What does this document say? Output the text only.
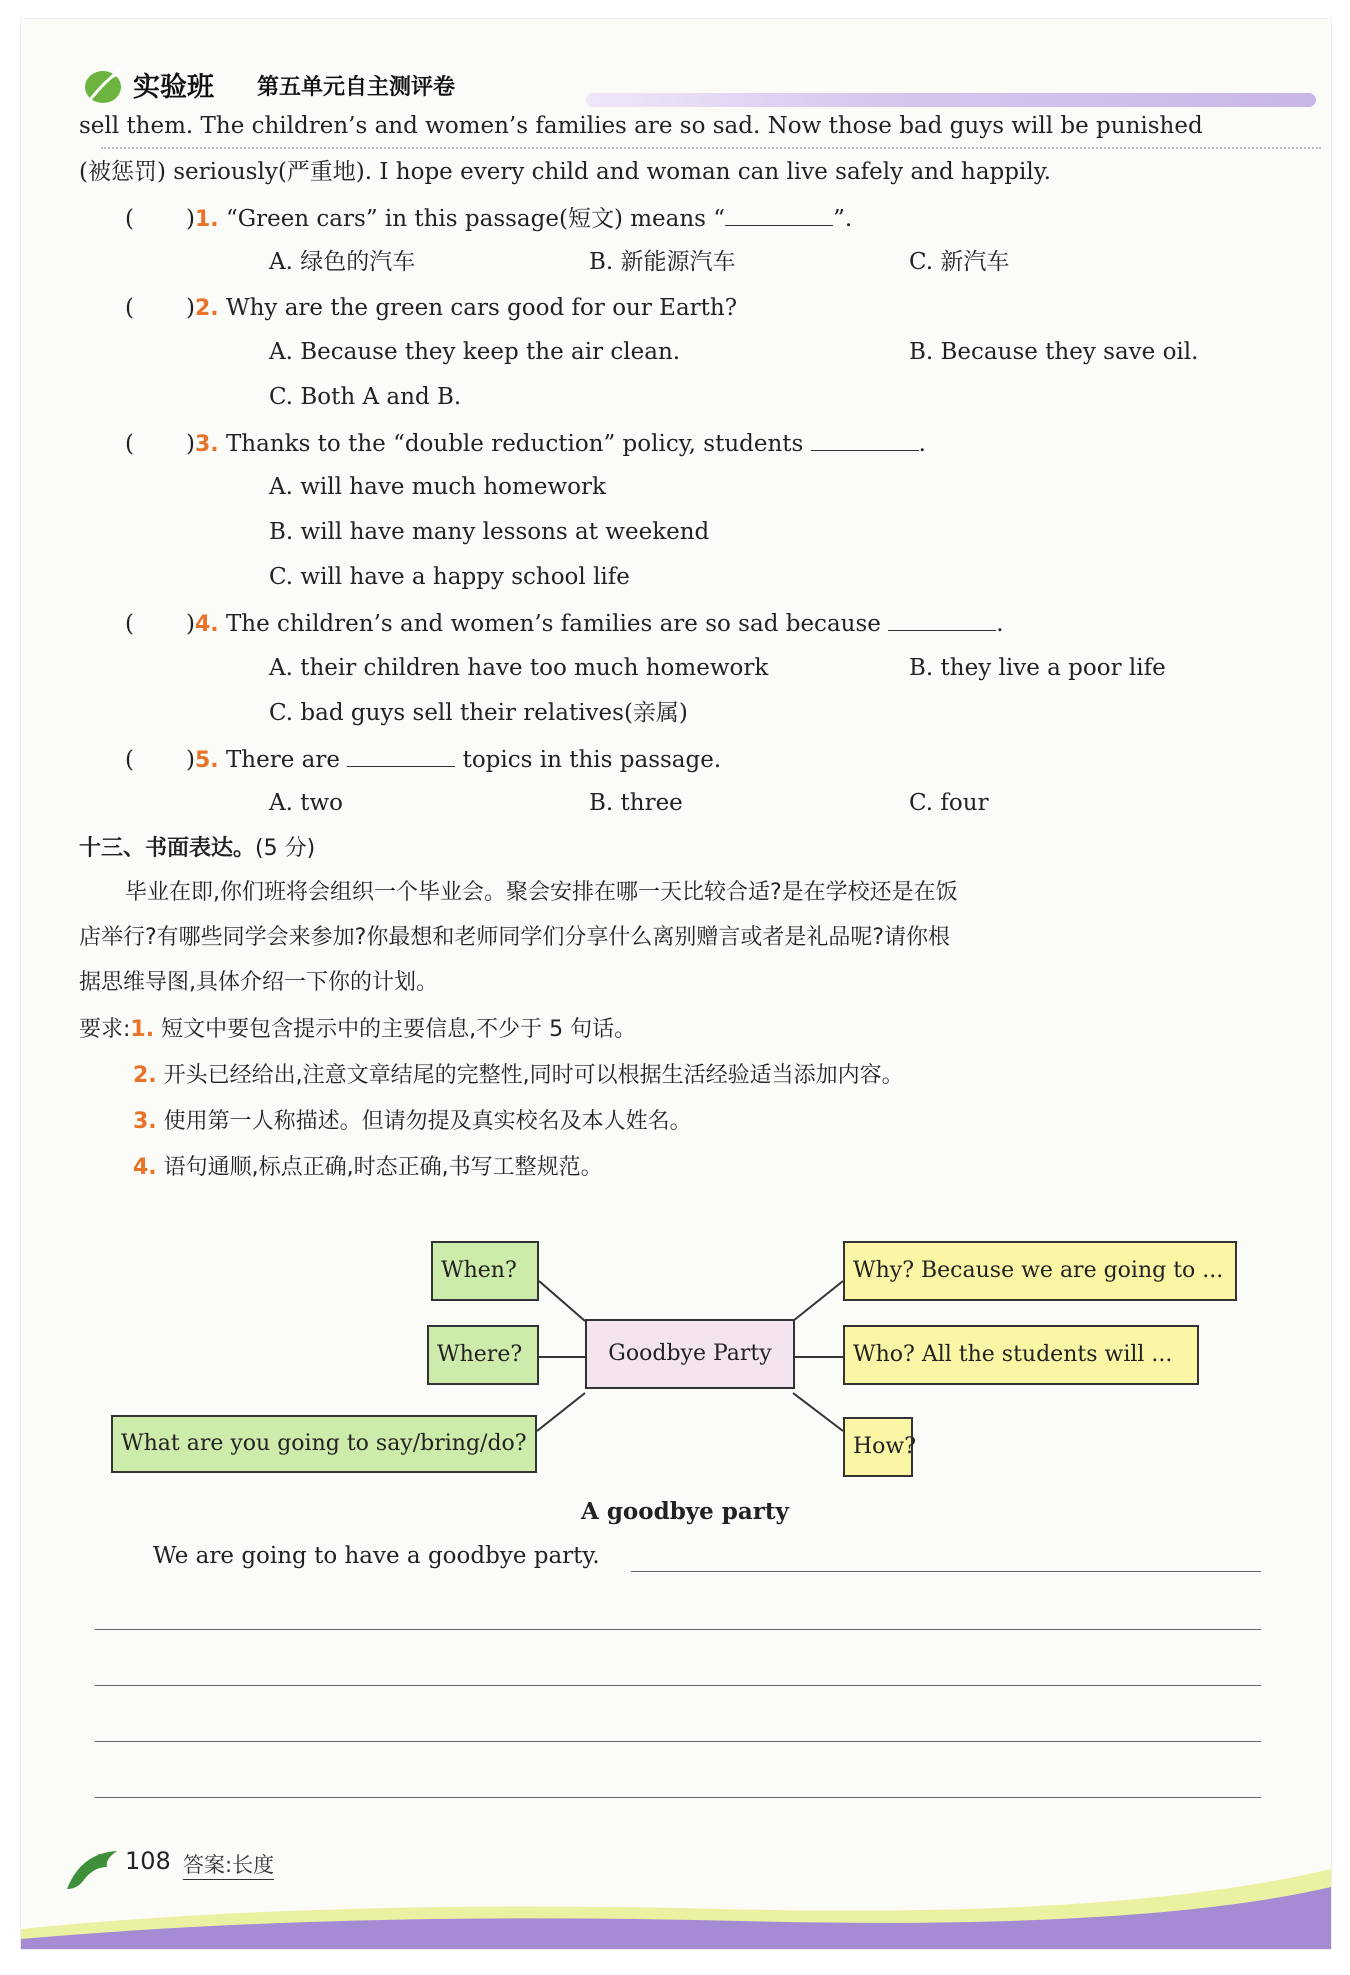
实验班 第五单元自主测评卷
sell them. The children’s and women’s families are so sad. Now those bad guys will be punished
(被惩罚) seriously(严重地). I hope every child and woman can live safely and happily.
( )1. “Green cars” in this passage(短文) means “	”.
A. 绿色的汽车	B. 新能源汽车	C. 新汽车
( )2. Why are the green cars good for our Earth?
A. Because they keep the air clean.	B. Because they save oil.
C. Both A and B.
( )3. Thanks to the “double reduction” policy, students	.
A. will have much homework
B. will have many lessons at weekend
C. will have a happy school life
( )4. The children’s and women’s families are so sad because	.
A. their children have too much homework	B. they live a poor life
C. bad guys sell their relatives(亲属)
( )5. There are	topics in this passage.
A. two	B. three	C. four
十三、书面表达。(5 分)
毕业在即,你们班将会组织一个毕业会。聚会安排在哪一天比较合适?是在学校还是在饭
店举行?有哪些同学会来参加?你最想和老师同学们分享什么离别赠言或者是礼品呢?请你根
据思维导图,具体介绍一下你的计划。
要求:1. 短文中要包含提示中的主要信息,不少于 5 句话。
2. 开头已经给出,注意文章结尾的完整性,同时可以根据生活经验适当添加内容。
3. 使用第一人称描述。但请勿提及真实校名及本人姓名。
4. 语句通顺,标点正确,时态正确,书写工整规范。
When?
Where?	Goodbye Party
What are you going to say/bring/do?
Why? Because we are going to ...
Who? All the students will ...
How?
A goodbye party
We are going to have a goodbye party.
108 答案:长度
